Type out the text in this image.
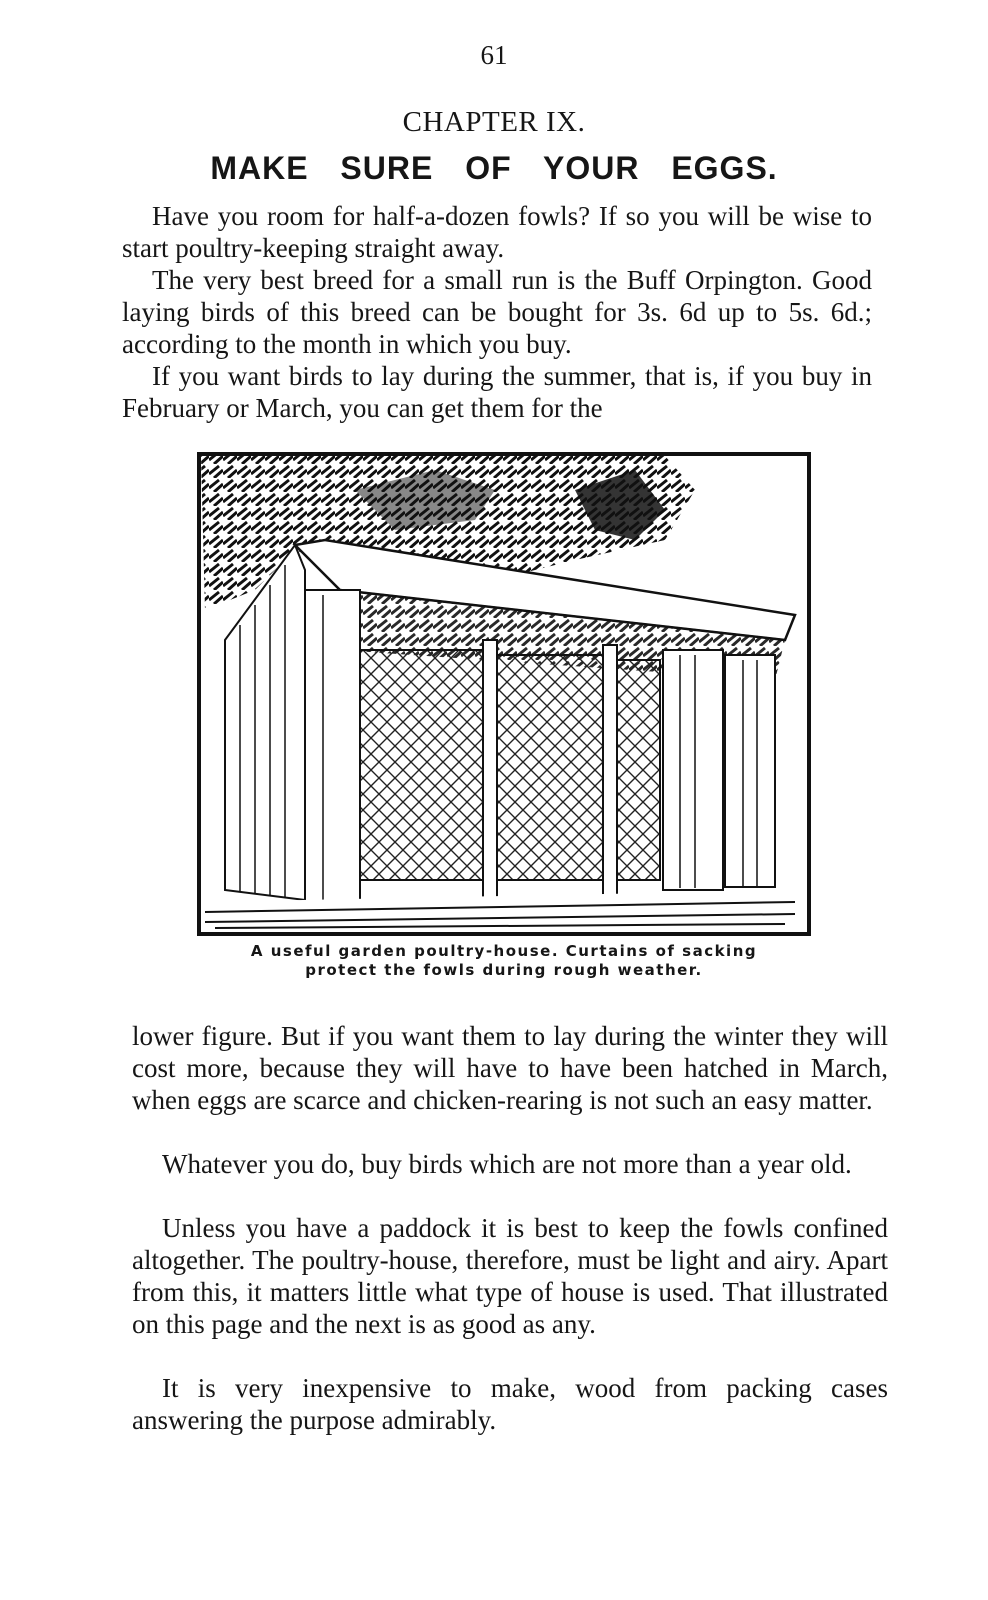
61
CHAPTER IX.
MAKE SURE OF YOUR EGGS.

Have you room for half-a-dozen fowls? If so you will be wise to start poultry-keeping straight away.

The very best breed for a small run is the Buff Orpington. Good laying birds of this breed can be bought for 3s. 6d up to 5s. 6d.; according to the month in which you buy.

If you want birds to lay during the summer, that is, if you buy in February or March, you can get them for the

A useful garden poultry-house. Curtains of sacking
protect the fowls during rough weather.

lower figure. But if you want them to lay during the winter they will cost more, because they will have to have been hatched in March, when eggs are scarce and chicken-rearing is not such an easy matter.

Whatever you do, buy birds which are not more than a year old.

Unless you have a paddock it is best to keep the fowls confined altogether. The poultry-house, therefore, must be light and airy. Apart from this, it matters little what type of house is used. That illustrated on this page and the next is as good as any.

It is very inexpensive to make, wood from packing cases answering the purpose admirably.
